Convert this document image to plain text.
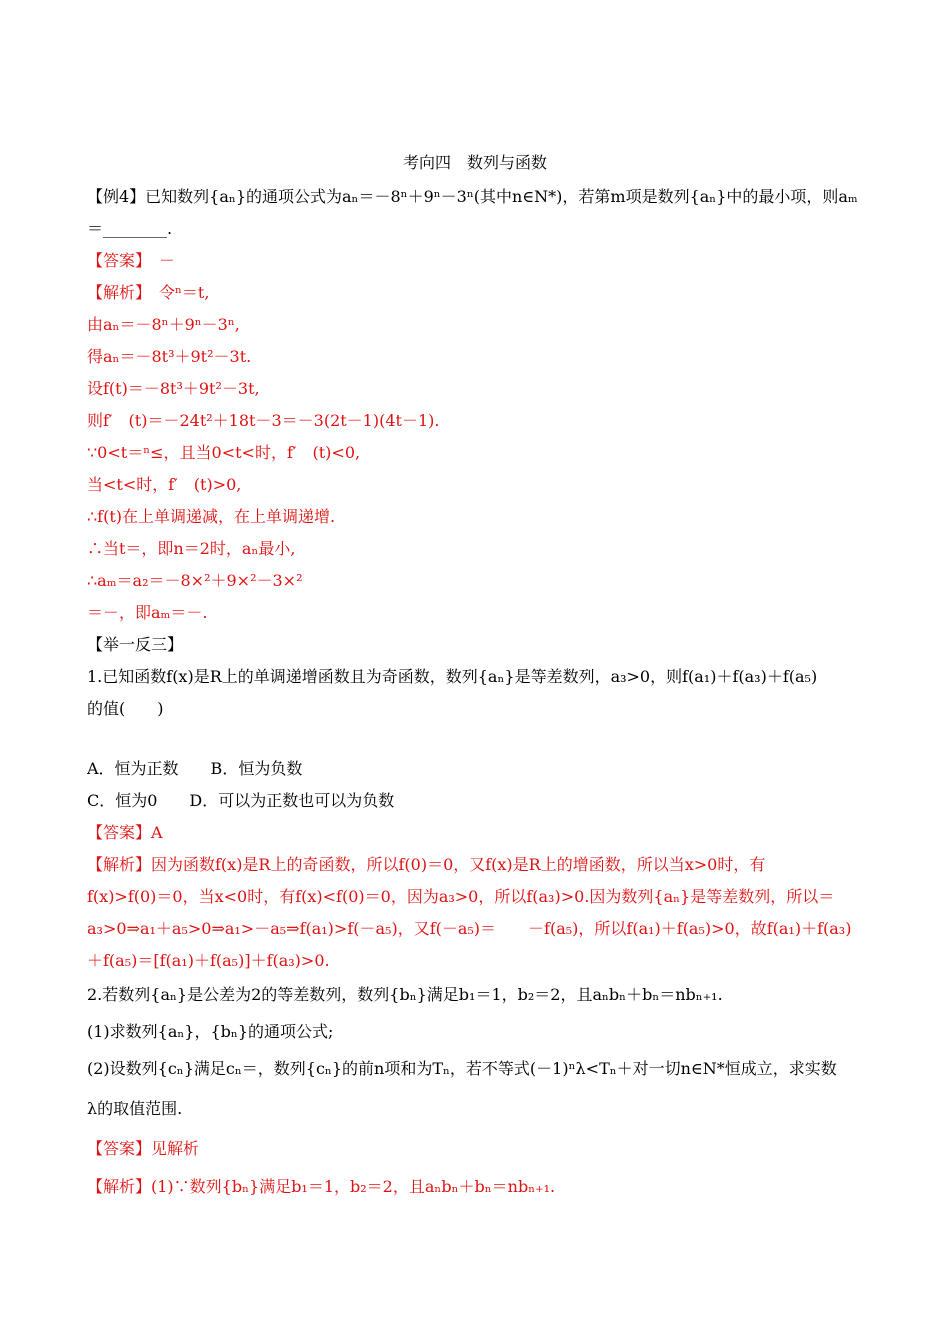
考向四　数列与函数
【例4】已知数列{aₙ}的通项公式为aₙ＝－8ⁿ＋9ⁿ－3ⁿ(其中n∈N*)，若第m项是数列{aₙ}中的最小项，则aₘ
＝________.
【答案】　－
【解析】　令ⁿ＝t,
由aₙ＝－8ⁿ＋9ⁿ－3ⁿ,
得aₙ＝－8t³＋9t²－3t.
设f(t)＝－8t³＋9t²－3t,
则f′　(t)＝－24t²＋18t－3＝－3(2t－1)(4t－1).
∵0<t＝ⁿ≤，且当0<t<时，f′　(t)<0,
当<t<时，f′　(t)>0,
∴f(t)在上单调递减，在上单调递增.
∴当t＝，即n＝2时，aₙ最小,
∴aₘ＝a₂＝－8×²＋9×²－3×²
＝－，即aₘ＝－.
【举一反三】
1.已知函数f(x)是R上的单调递增函数且为奇函数，数列{aₙ}是等差数列，a₃>0，则f(a₁)＋f(a₃)＋f(a₅)
的值(　　)
A．恒为正数　　B．恒为负数
C．恒为0　　D．可以为正数也可以为负数
【答案】A
【解析】因为函数f(x)是R上的奇函数，所以f(0)＝0，又f(x)是R上的增函数，所以当x>0时，有
f(x)>f(0)＝0，当x<0时，有f(x)<f(0)＝0，因为a₃>0，所以f(a₃)>0.因为数列{aₙ}是等差数列，所以＝
a₃>0⇒a₁＋a₅>0⇒a₁>－a₅⇒f(a₁)>f(－a₅)，又f(－a₅)＝　　－f(a₅)，所以f(a₁)＋f(a₅)>0，故f(a₁)＋f(a₃)
＋f(a₅)＝[f(a₁)＋f(a₅)]＋f(a₃)>0.
2.若数列{aₙ}是公差为2的等差数列，数列{bₙ}满足b₁＝1，b₂＝2，且aₙbₙ＋bₙ＝nbₙ₊₁.
(1)求数列{aₙ}，{bₙ}的通项公式;
(2)设数列{cₙ}满足cₙ＝，数列{cₙ}的前n项和为Tₙ，若不等式(－1)ⁿλ<Tₙ＋对一切n∈N*恒成立，求实数
λ的取值范围.
【答案】见解析
【解析】(1)∵数列{bₙ}满足b₁＝1，b₂＝2，且aₙbₙ＋bₙ＝nbₙ₊₁.
